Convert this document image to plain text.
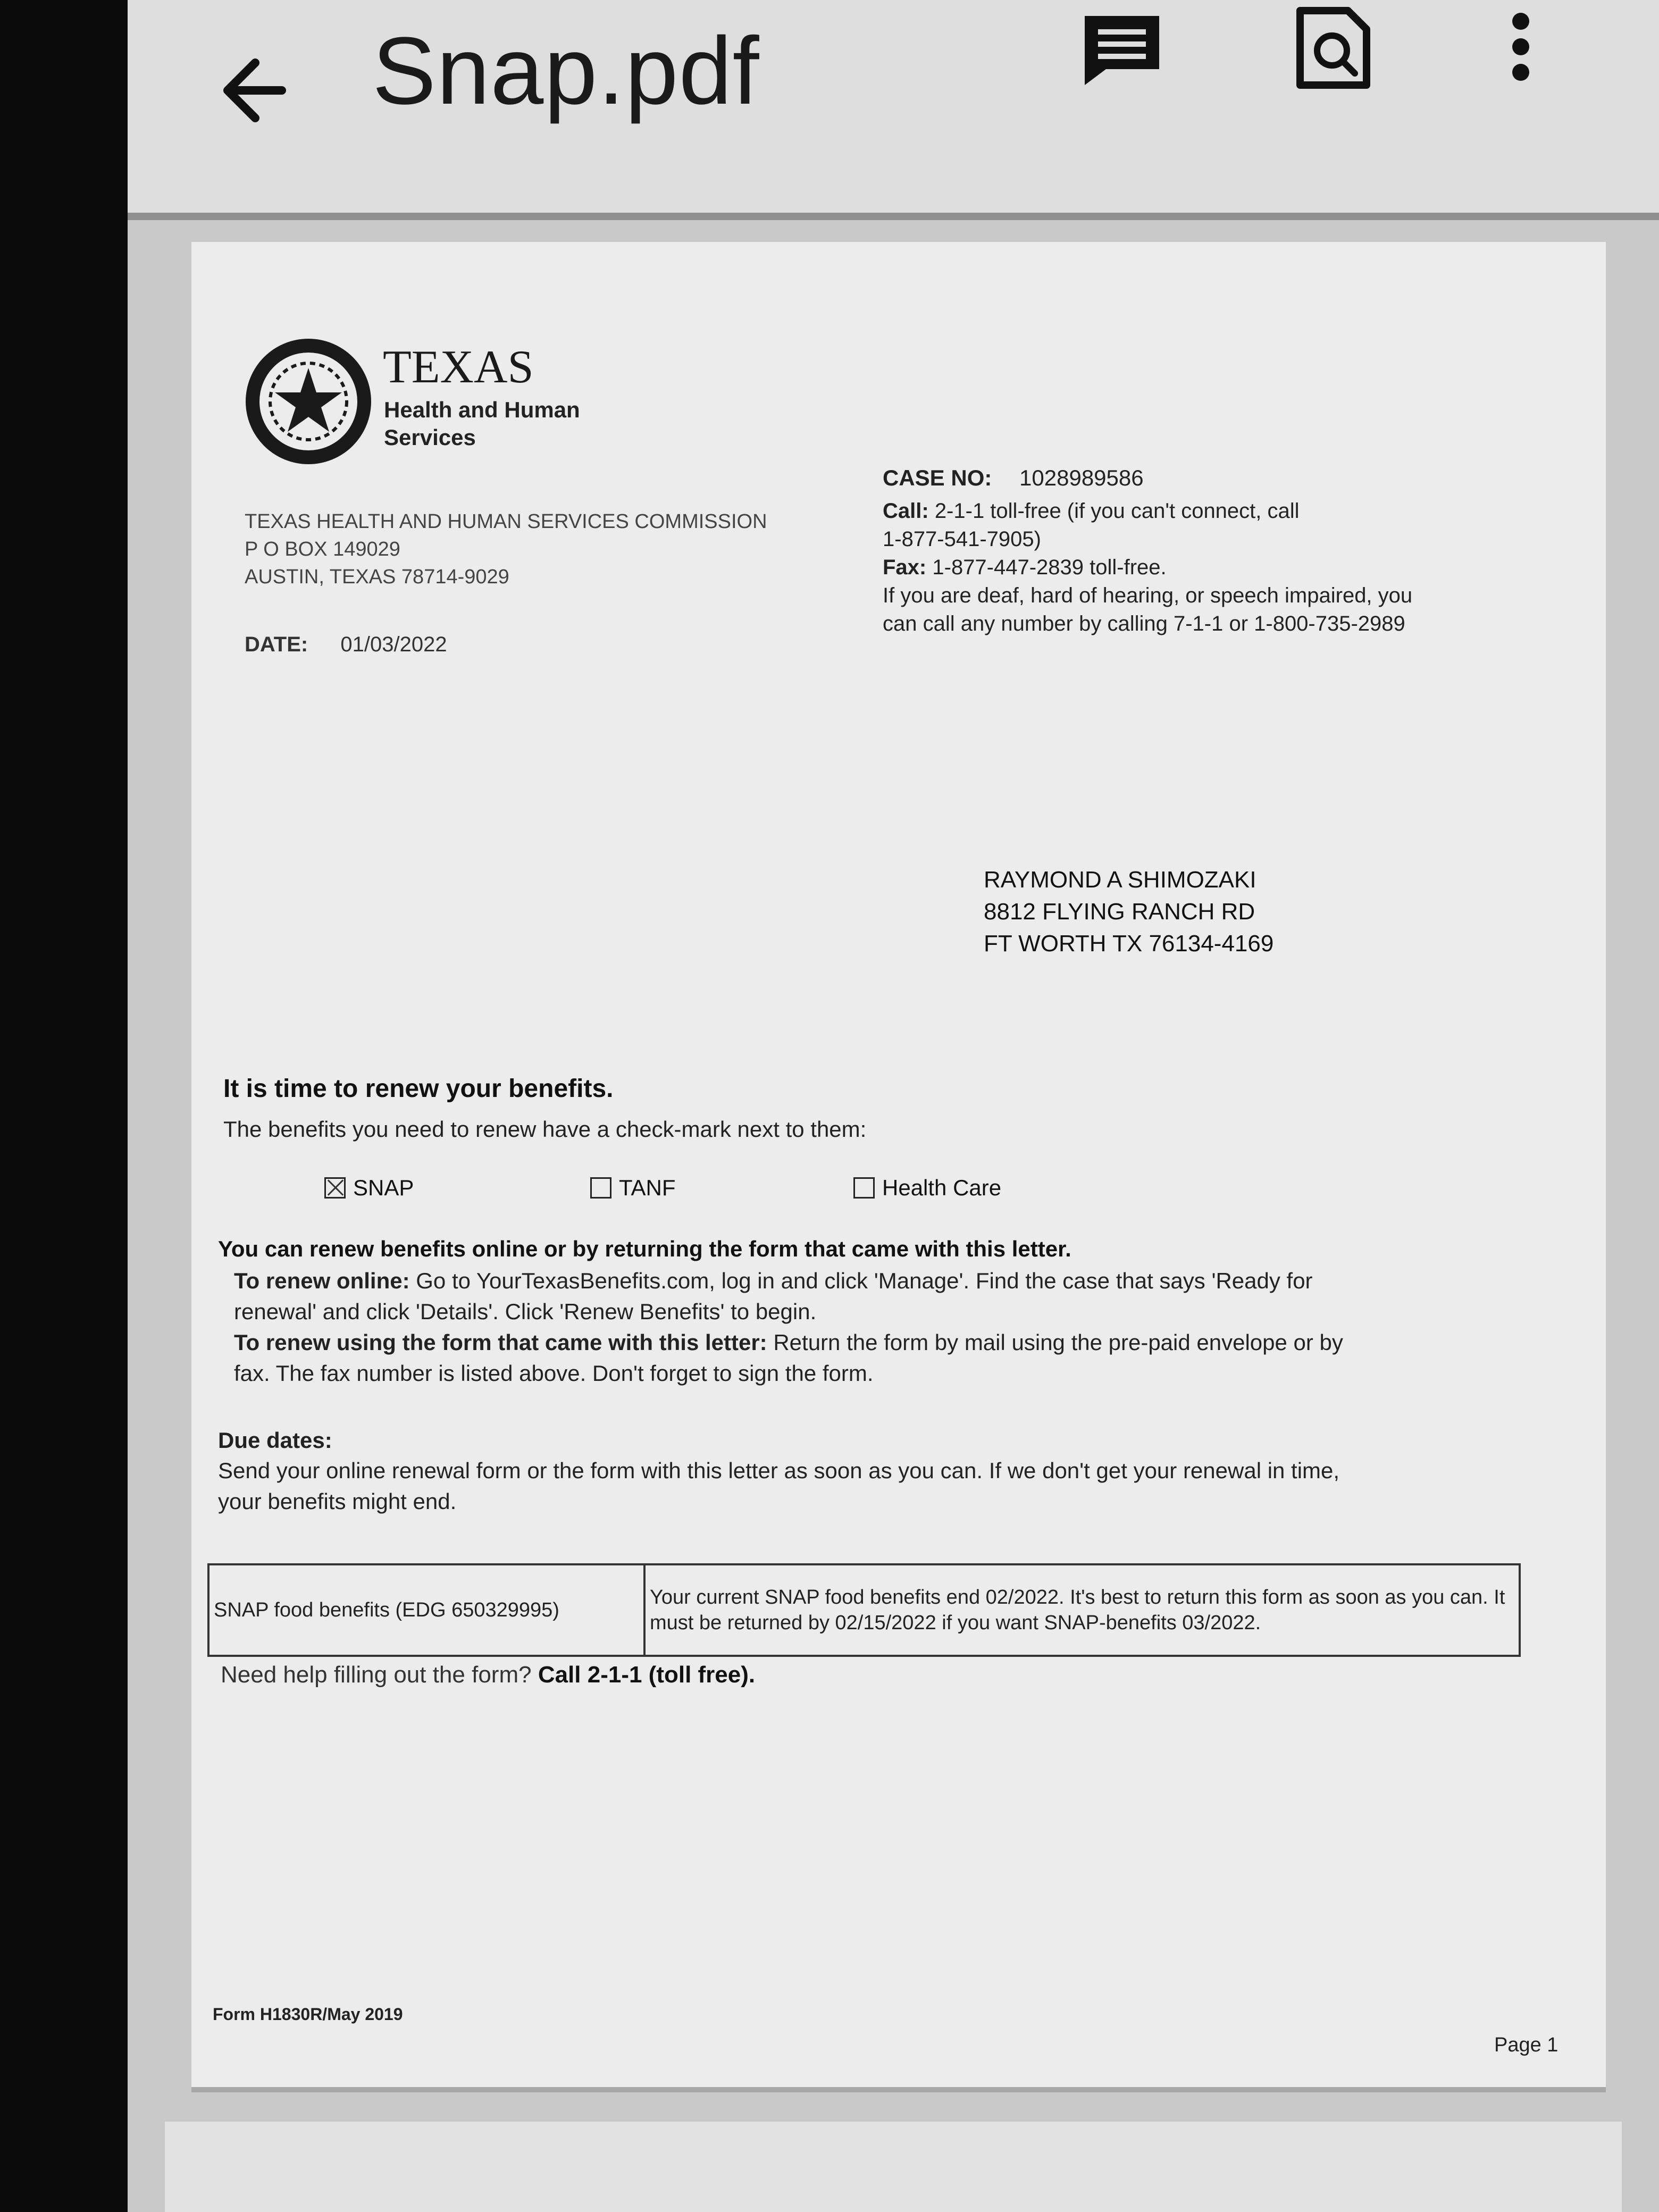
Snap.pdf
TEXAS
Health and Human
Services
TEXAS HEALTH AND HUMAN SERVICES COMMISSION
P O BOX 149029
AUSTIN, TEXAS 78714-9029
DATE: 01/03/2022
CASE NO: 1028989586
Call: 2-1-1 toll-free (if you can't connect, call
1-877-541-7905)
Fax: 1-877-447-2839 toll-free.
If you are deaf, hard of hearing, or speech impaired, you
can call any number by calling 7-1-1 or 1-800-735-2989
RAYMOND A SHIMOZAKI
8812 FLYING RANCH RD
FT WORTH TX 76134-4169
It is time to renew your benefits.
The benefits you need to renew have a check-mark next to them:
SNAP	TANF	Health Care
You can renew benefits online or by returning the form that came with this letter.
To renew online: Go to YourTexasBenefits.com, log in and click 'Manage'. Find the case that says 'Ready for
renewal' and click 'Details'. Click 'Renew Benefits' to begin.
To renew using the form that came with this letter: Return the form by mail using the pre-paid envelope or by
fax. The fax number is listed above. Don't forget to sign the form.
Due dates:
Send your online renewal form or the form with this letter as soon as you can. If we don't get your renewal in time,
your benefits might end.
SNAP food benefits (EDG 650329995)	Your current SNAP food benefits end 02/2022. It's best to return this form as soon as you can. It must be returned by 02/15/2022 if you want SNAP-benefits 03/2022.
Need help filling out the form? Call 2-1-1 (toll free).
Form H1830R/May 2019
Page 1
